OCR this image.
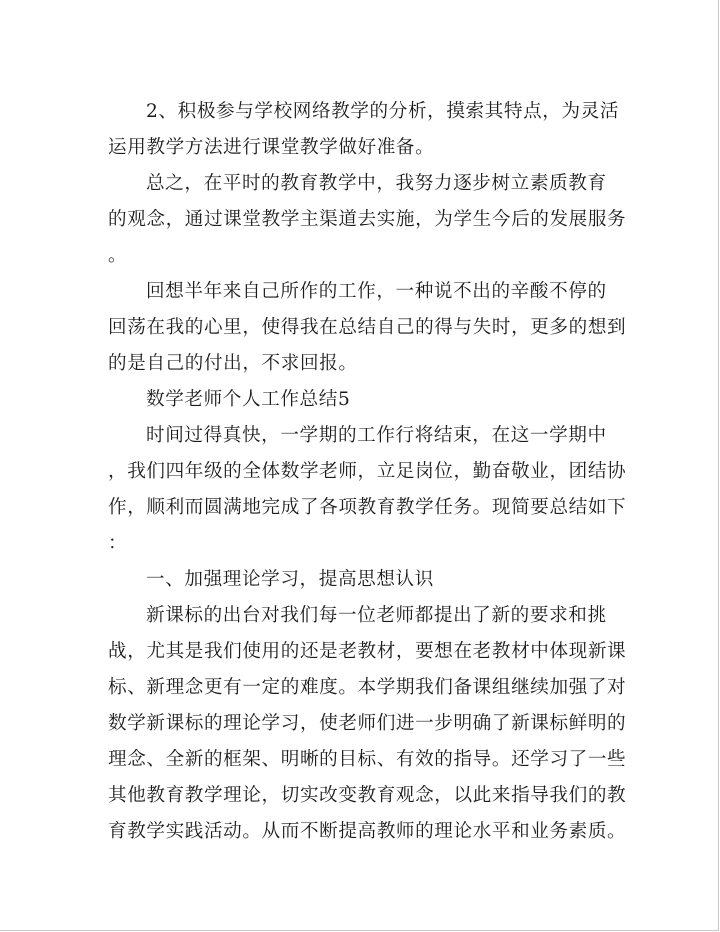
2、积极参与学校网络教学的分析，摸索其特点，为灵活
运用教学方法进行课堂教学做好准备。
总之，在平时的教育教学中，我努力逐步树立素质教育
的观念，通过课堂教学主渠道去实施，为学生今后的发展服务
。
回想半年来自己所作的工作，一种说不出的辛酸不停的
回荡在我的心里，使得我在总结自己的得与失时，更多的想到
的是自己的付出，不求回报。
数学老师个人工作总结5
时间过得真快，一学期的工作行将结束，在这一学期中
，我们四年级的全体数学老师，立足岗位，勤奋敬业，团结协
作，顺利而圆满地完成了各项教育教学任务。现简要总结如下
：
一、加强理论学习，提高思想认识
新课标的出台对我们每一位老师都提出了新的要求和挑
战，尤其是我们使用的还是老教材，要想在老教材中体现新课
标、新理念更有一定的难度。本学期我们备课组继续加强了对
数学新课标的理论学习，使老师们进一步明确了新课标鲜明的
理念、全新的框架、明晰的目标、有效的指导。还学习了一些
其他教育教学理论，切实改变教育观念，以此来指导我们的教
育教学实践活动。从而不断提高教师的理论水平和业务素质。
